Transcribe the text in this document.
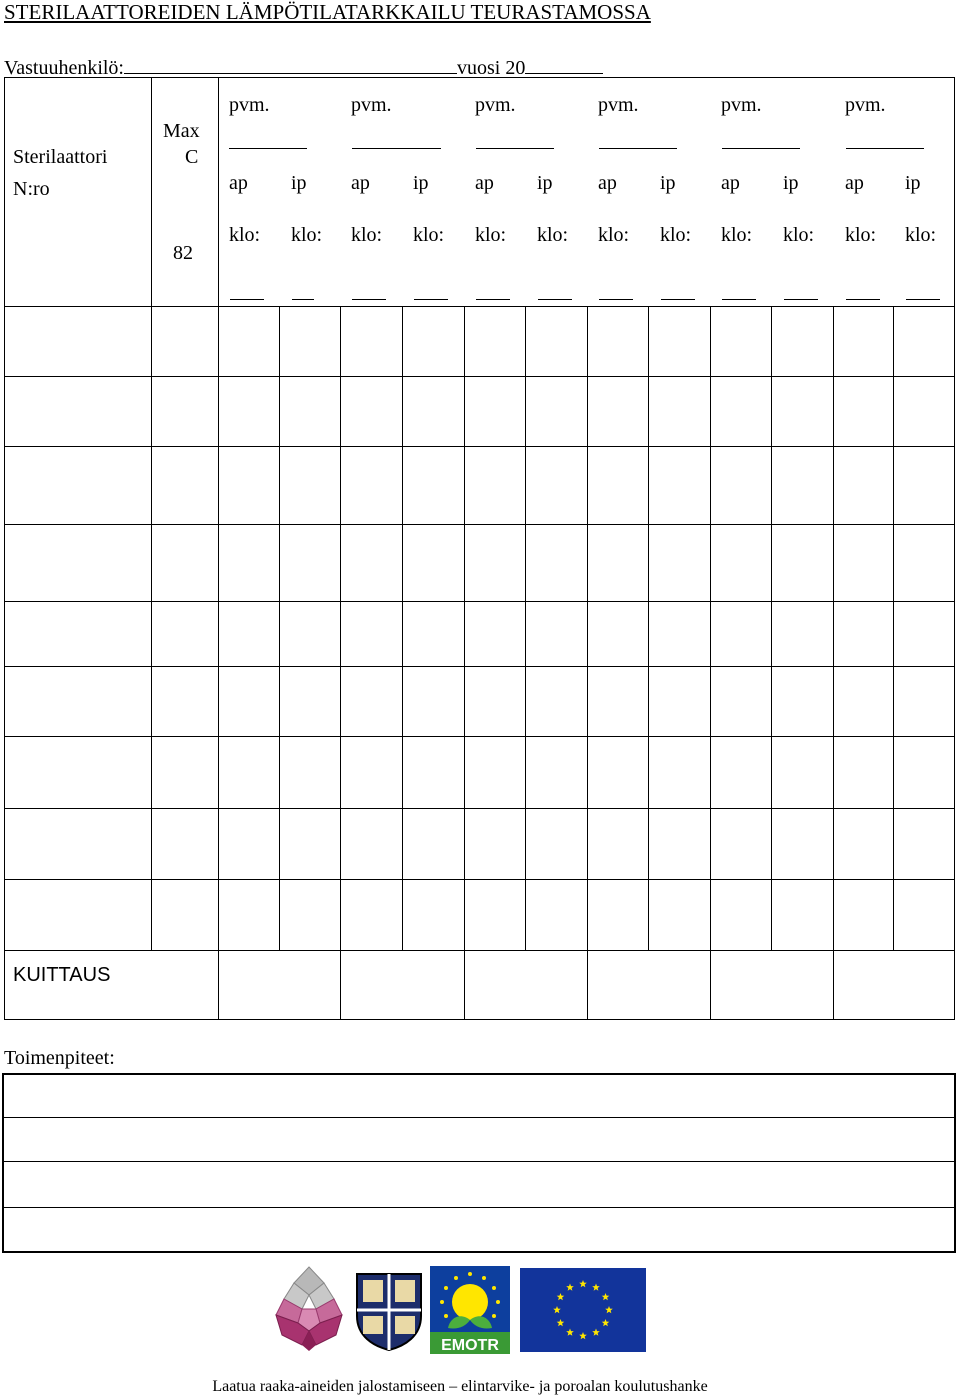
STERILAATTOREIDEN LÄMPÖTILATARKKAILU TEURASTAMOSSA
Vastuuhenkilö:	vuosi 20
Sterilaattori
N:ro
Max
C
82
pvm.
ap ip
klo: klo:
pvm.
ap ip
klo: klo:
pvm.
ap ip
klo: klo:
pvm.
ap ip
klo: klo:
pvm.
ap ip
klo: klo:
pvm.
ap ip
klo: klo:
KUITTAUS
Toimenpiteet:
EMOTR
Laatua raaka-aineiden jalostamiseen – elintarvike- ja poroalan koulutushanke
